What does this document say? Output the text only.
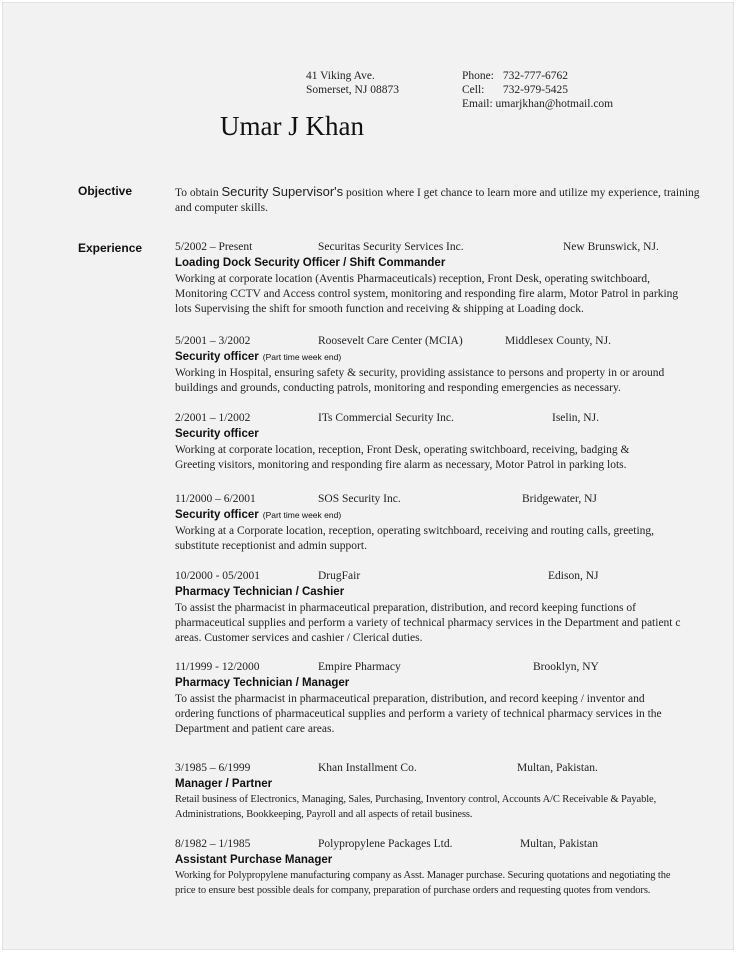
41 Viking Ave.
Somerset, NJ 08873
Phone: 732-777-6762
Cell: 732-979-5425
Email: umarjkhan@hotmail.com
Umar J Khan
Objective	To obtain Security Supervisor's position where I get chance to learn more and utilize my experience, training and computer skills.
Experience	5/2002 – Present	Securitas Security Services Inc.	New Brunswick, NJ.
Loading Dock Security Officer / Shift Commander
Working at corporate location (Aventis Pharmaceuticals) reception, Front Desk, operating switchboard,
Monitoring CCTV and Access control system, monitoring and responding fire alarm, Motor Patrol in parking
lots Supervising the shift for smooth function and receiving & shipping at Loading dock.
5/2001 – 3/2002	Roosevelt Care Center (MCIA)	Middlesex County, NJ.
Security officer (Part time week end)
Working in Hospital, ensuring safety & security, providing assistance to persons and property in or around
buildings and grounds, conducting patrols, monitoring and responding emergencies as necessary.
2/2001 – 1/2002	ITs Commercial Security Inc.	Iselin, NJ.
Security officer
Working at corporate location, reception, Front Desk, operating switchboard, receiving, badging &
Greeting visitors, monitoring and responding fire alarm as necessary, Motor Patrol in parking lots.
11/2000 – 6/2001	SOS Security Inc.	Bridgewater, NJ
Security officer (Part time week end)
Working at a Corporate location, reception, operating switchboard, receiving and routing calls, greeting,
substitute receptionist and admin support.
10/2000 - 05/2001	DrugFair	Edison, NJ
Pharmacy Technician / Cashier
To assist the pharmacist in pharmaceutical preparation, distribution, and record keeping functions of
pharmaceutical supplies and perform a variety of technical pharmacy services in the Department and patient c
areas. Customer services and cashier / Clerical duties.
11/1999 - 12/2000	Empire Pharmacy	Brooklyn, NY
Pharmacy Technician / Manager
To assist the pharmacist in pharmaceutical preparation, distribution, and record keeping / inventor and
ordering functions of pharmaceutical supplies and perform a variety of technical pharmacy services in the
Department and patient care areas.
3/1985 – 6/1999	Khan Installment Co.	Multan, Pakistan.
Manager / Partner
Retail business of Electronics, Managing, Sales, Purchasing, Inventory control, Accounts A/C Receivable & Payable,
Administrations, Bookkeeping, Payroll and all aspects of retail business.
8/1982 – 1/1985	Polypropylene Packages Ltd.	Multan, Pakistan
Assistant Purchase Manager
Working for Polypropylene manufacturing company as Asst. Manager purchase. Securing quotations and negotiating the
price to ensure best possible deals for company, preparation of purchase orders and requesting quotes from vendors.
